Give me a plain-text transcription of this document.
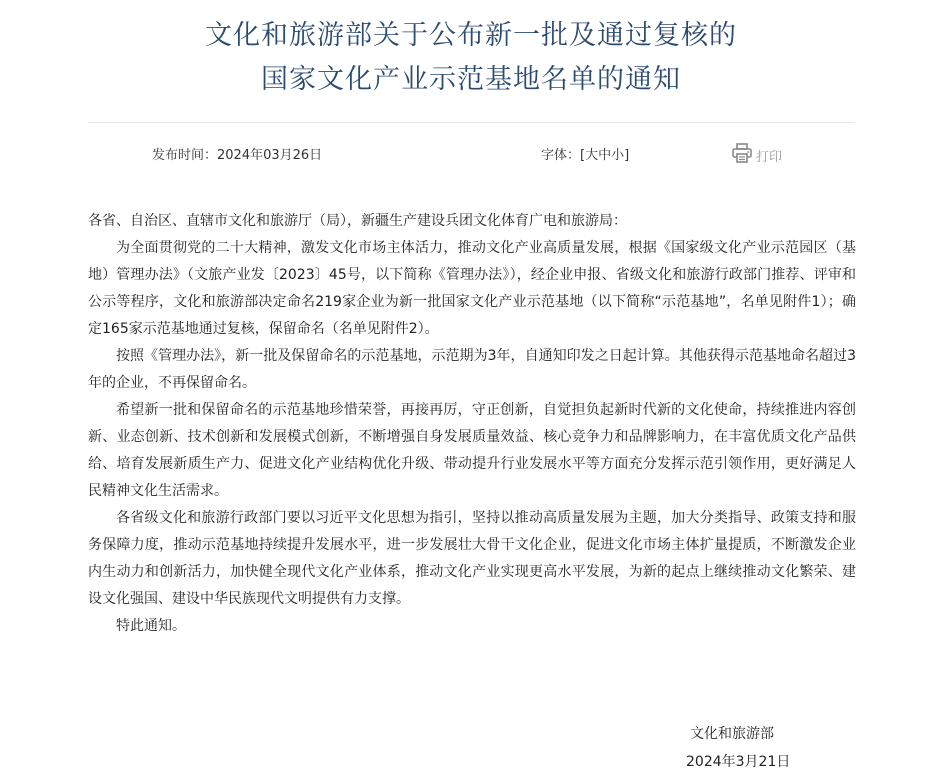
文化和旅游部关于公布新一批及通过复核的
国家文化产业示范基地名单的通知
发布时间：2024年03月26日	字体：[大中小]	打印

各省、自治区、直辖市文化和旅游厅（局），新疆生产建设兵团文化体育广电和旅游局：

为全面贯彻党的二十大精神，激发文化市场主体活力，推动文化产业高质量发展，根据《国家级文化产业示范园区（基地）管理办法》（文旅产业发〔2023〕45号，以下简称《管理办法》），经企业申报、省级文化和旅游行政部门推荐、评审和公示等程序，文化和旅游部决定命名219家企业为新一批国家文化产业示范基地（以下简称“示范基地”，名单见附件1）；确定165家示范基地通过复核，保留命名（名单见附件2）。

按照《管理办法》，新一批及保留命名的示范基地，示范期为3年，自通知印发之日起计算。其他获得示范基地命名超过3年的企业，不再保留命名。

希望新一批和保留命名的示范基地珍惜荣誉，再接再厉，守正创新，自觉担负起新时代新的文化使命，持续推进内容创新、业态创新、技术创新和发展模式创新，不断增强自身发展质量效益、核心竞争力和品牌影响力，在丰富优质文化产品供给、培育发展新质生产力、促进文化产业结构优化升级、带动提升行业发展水平等方面充分发挥示范引领作用，更好满足人民精神文化生活需求。

各省级文化和旅游行政部门要以习近平文化思想为指引，坚持以推动高质量发展为主题，加大分类指导、政策支持和服务保障力度，推动示范基地持续提升发展水平，进一步发展壮大骨干文化企业，促进文化市场主体扩量提质，不断激发企业内生动力和创新活力，加快健全现代文化产业体系，推动文化产业实现更高水平发展，为新的起点上继续推动文化繁荣、建设文化强国、建设中华民族现代文明提供有力支撑。

特此通知。

文化和旅游部
2024年3月21日
